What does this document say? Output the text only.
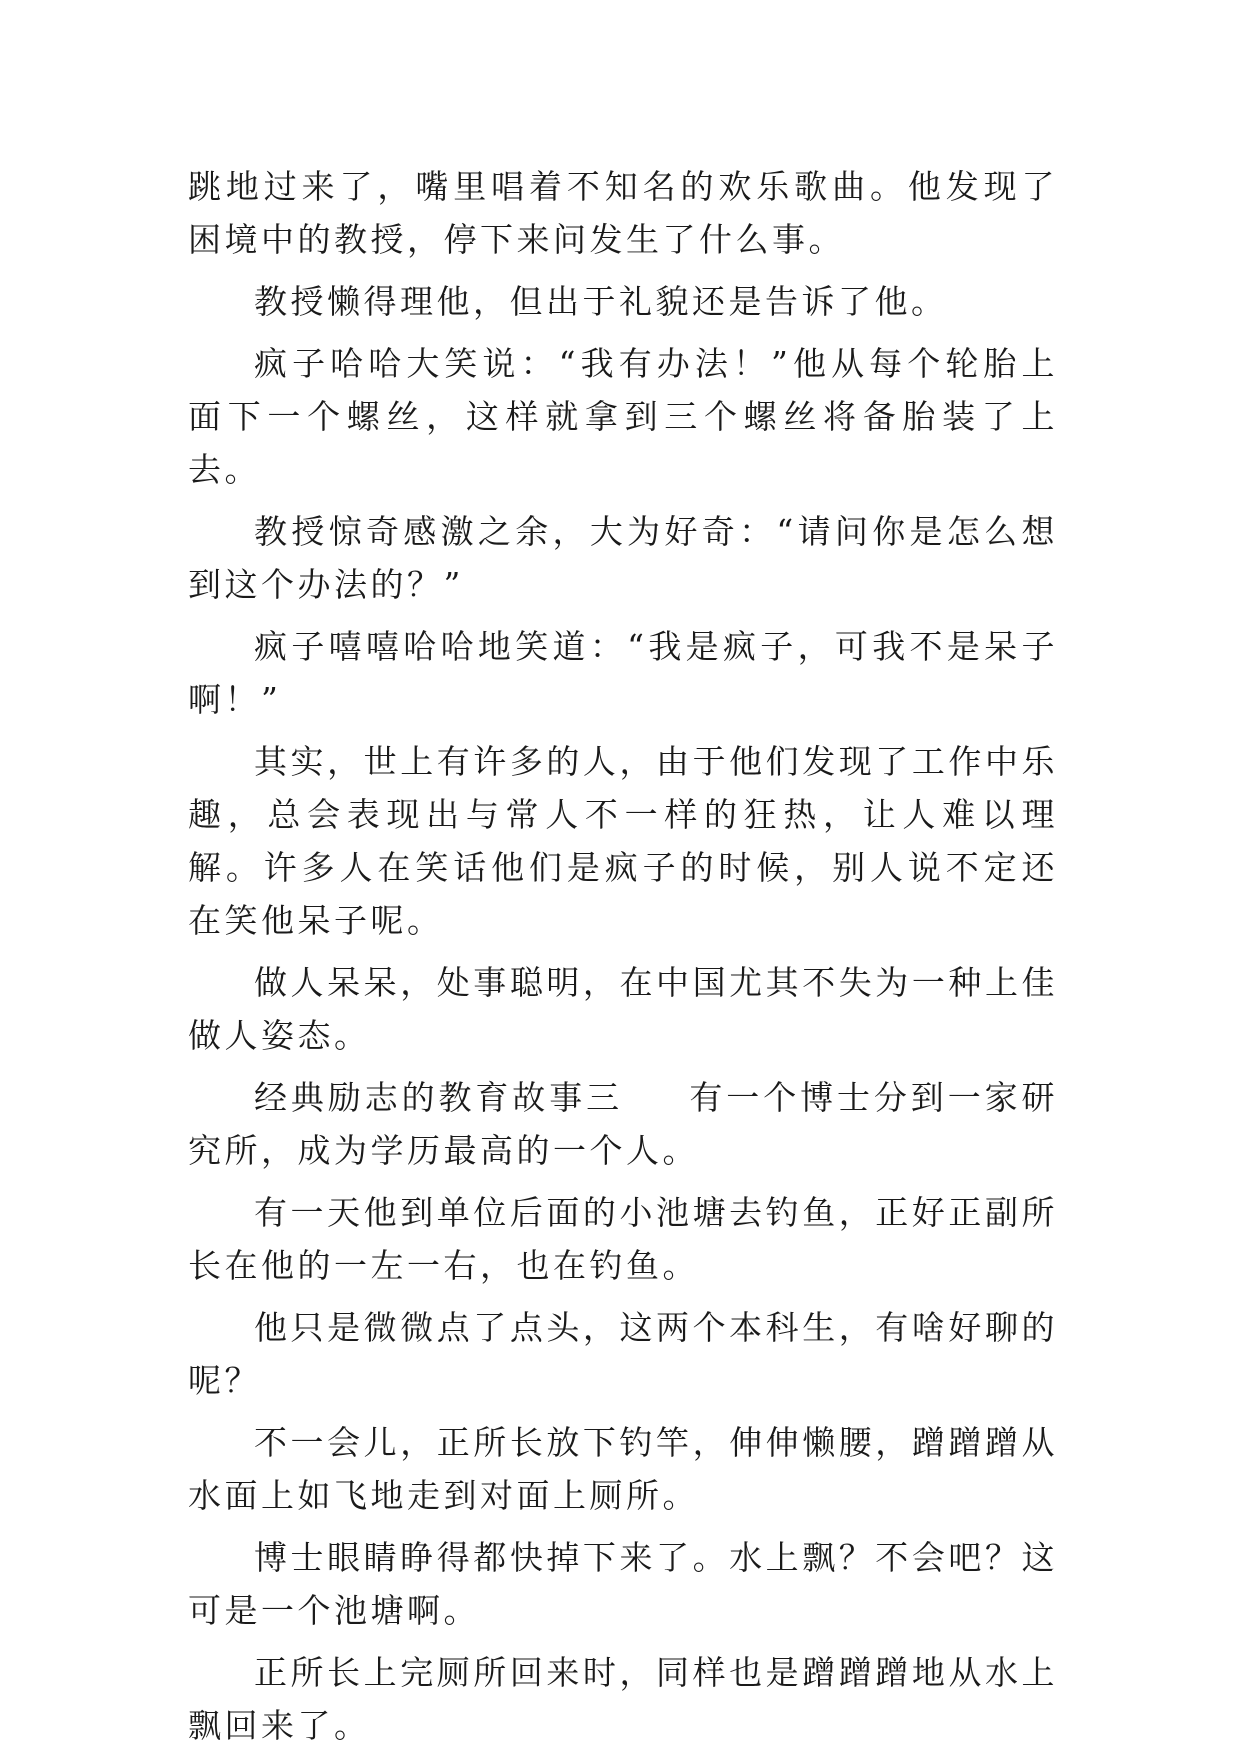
跳地过来了，嘴里唱着不知名的欢乐歌曲。他发现了困境中的教授，停下来问发生了什么事。

教授懒得理他，但出于礼貌还是告诉了他。

疯子哈哈大笑说：“我有办法！”他从每个轮胎上面下一个螺丝，这样就拿到三个螺丝将备胎装了上去。

教授惊奇感激之余，大为好奇：“请问你是怎么想到这个办法的？”

疯子嘻嘻哈哈地笑道：“我是疯子，可我不是呆子啊！”

其实，世上有许多的人，由于他们发现了工作中乐趣，总会表现出与常人不一样的狂热，让人难以理解。许多人在笑话他们是疯子的时候，别人说不定还在笑他呆子呢。

做人呆呆，处事聪明，在中国尤其不失为一种上佳做人姿态。

经典励志的教育故事三 有一个博士分到一家研究所，成为学历最高的一个人。

有一天他到单位后面的小池塘去钓鱼，正好正副所长在他的一左一右，也在钓鱼。

他只是微微点了点头，这两个本科生，有啥好聊的呢？

不一会儿，正所长放下钓竿，伸伸懒腰，蹭蹭蹭从水面上如飞地走到对面上厕所。

博士眼睛睁得都快掉下来了。水上飘？不会吧？这可是一个池塘啊。

正所长上完厕所回来时，同样也是蹭蹭蹭地从水上飘回来了。
